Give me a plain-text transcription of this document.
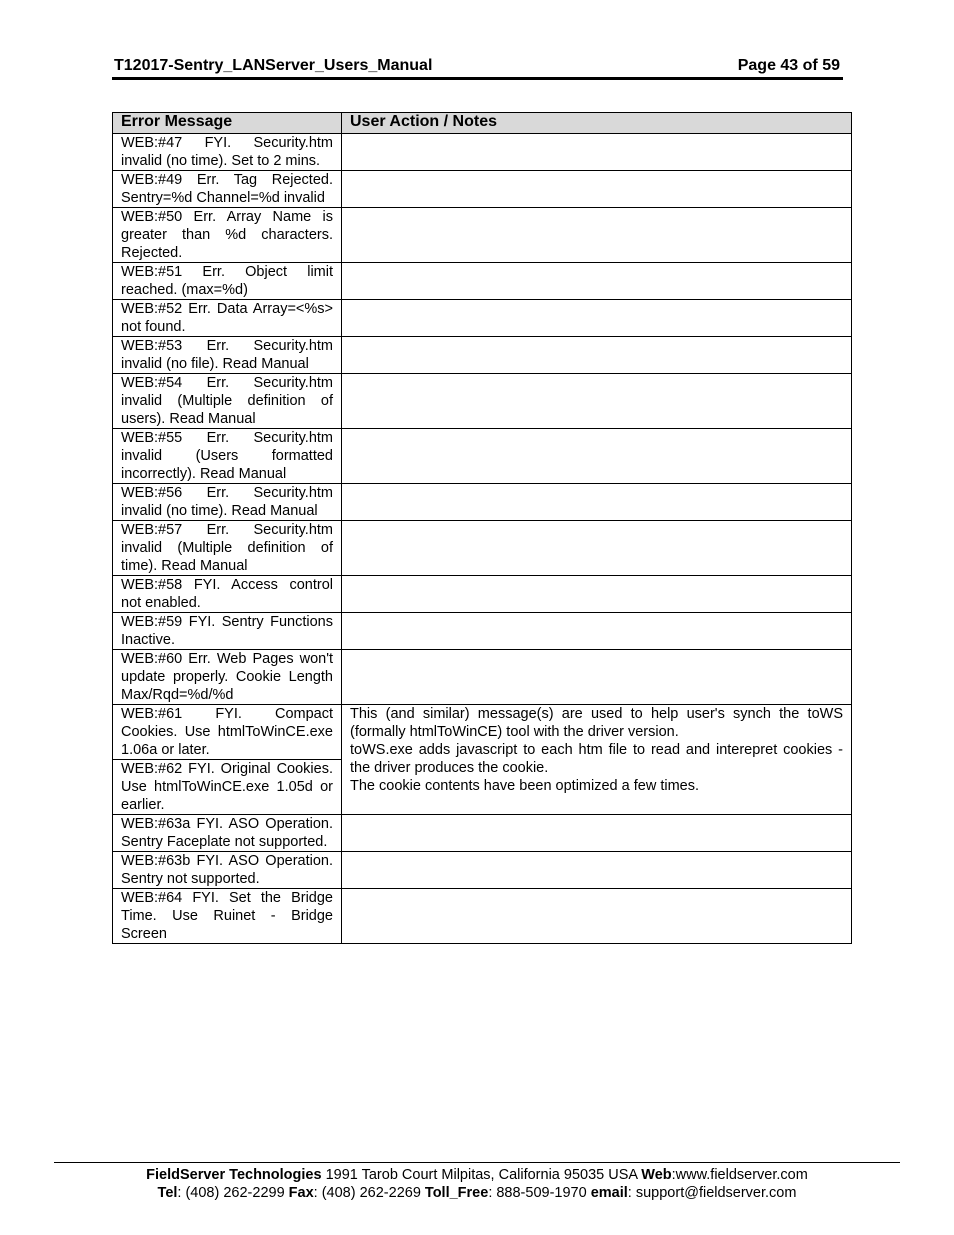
T12017-Sentry_LANServer_Users_Manual	Page 43 of 59
Error Message	User Action / Notes
WEB:#47 FYI. Security.htm invalid (no time). Set to 2 mins.	
WEB:#49 Err. Tag Rejected. Sentry=%d Channel=%d invalid	
WEB:#50 Err. Array Name is greater than %d characters. Rejected.	
WEB:#51 Err. Object limit reached. (max=%d)	
WEB:#52 Err. Data Array=<%s> not found.	
WEB:#53 Err. Security.htm invalid (no file). Read Manual	
WEB:#54 Err. Security.htm invalid (Multiple definition of users). Read Manual	
WEB:#55 Err. Security.htm invalid (Users formatted incorrectly). Read Manual	
WEB:#56 Err. Security.htm invalid (no time). Read Manual	
WEB:#57 Err. Security.htm invalid (Multiple definition of time). Read Manual	
WEB:#58 FYI. Access control not enabled.	
WEB:#59 FYI. Sentry Functions Inactive.	
WEB:#60 Err. Web Pages won't update properly. Cookie Length Max/Rqd=%d/%d	
WEB:#61 FYI. Compact Cookies. Use htmlToWinCE.exe 1.06a or later.	This (and similar) message(s) are used to help user's synch the toWS (formally htmlToWinCE) tool with the driver version.
toWS.exe adds javascript to each htm file to read and interepret cookies - the driver produces the cookie.
The cookie contents have been optimized a few times.

WEB:#62 FYI. Original Cookies. Use htmlToWinCE.exe 1.05d or earlier.	
WEB:#63a FYI. ASO Operation. Sentry Faceplate not supported.	
WEB:#63b FYI. ASO Operation. Sentry not supported.	
WEB:#64 FYI. Set the Bridge Time. Use Ruinet - Bridge Screen	
FieldServer Technologies 1991 Tarob Court Milpitas, California 95035 USA Web:www.fieldserver.com
Tel: (408) 262-2299 Fax: (408) 262-2269 Toll_Free: 888-509-1970 email: support@fieldserver.com
